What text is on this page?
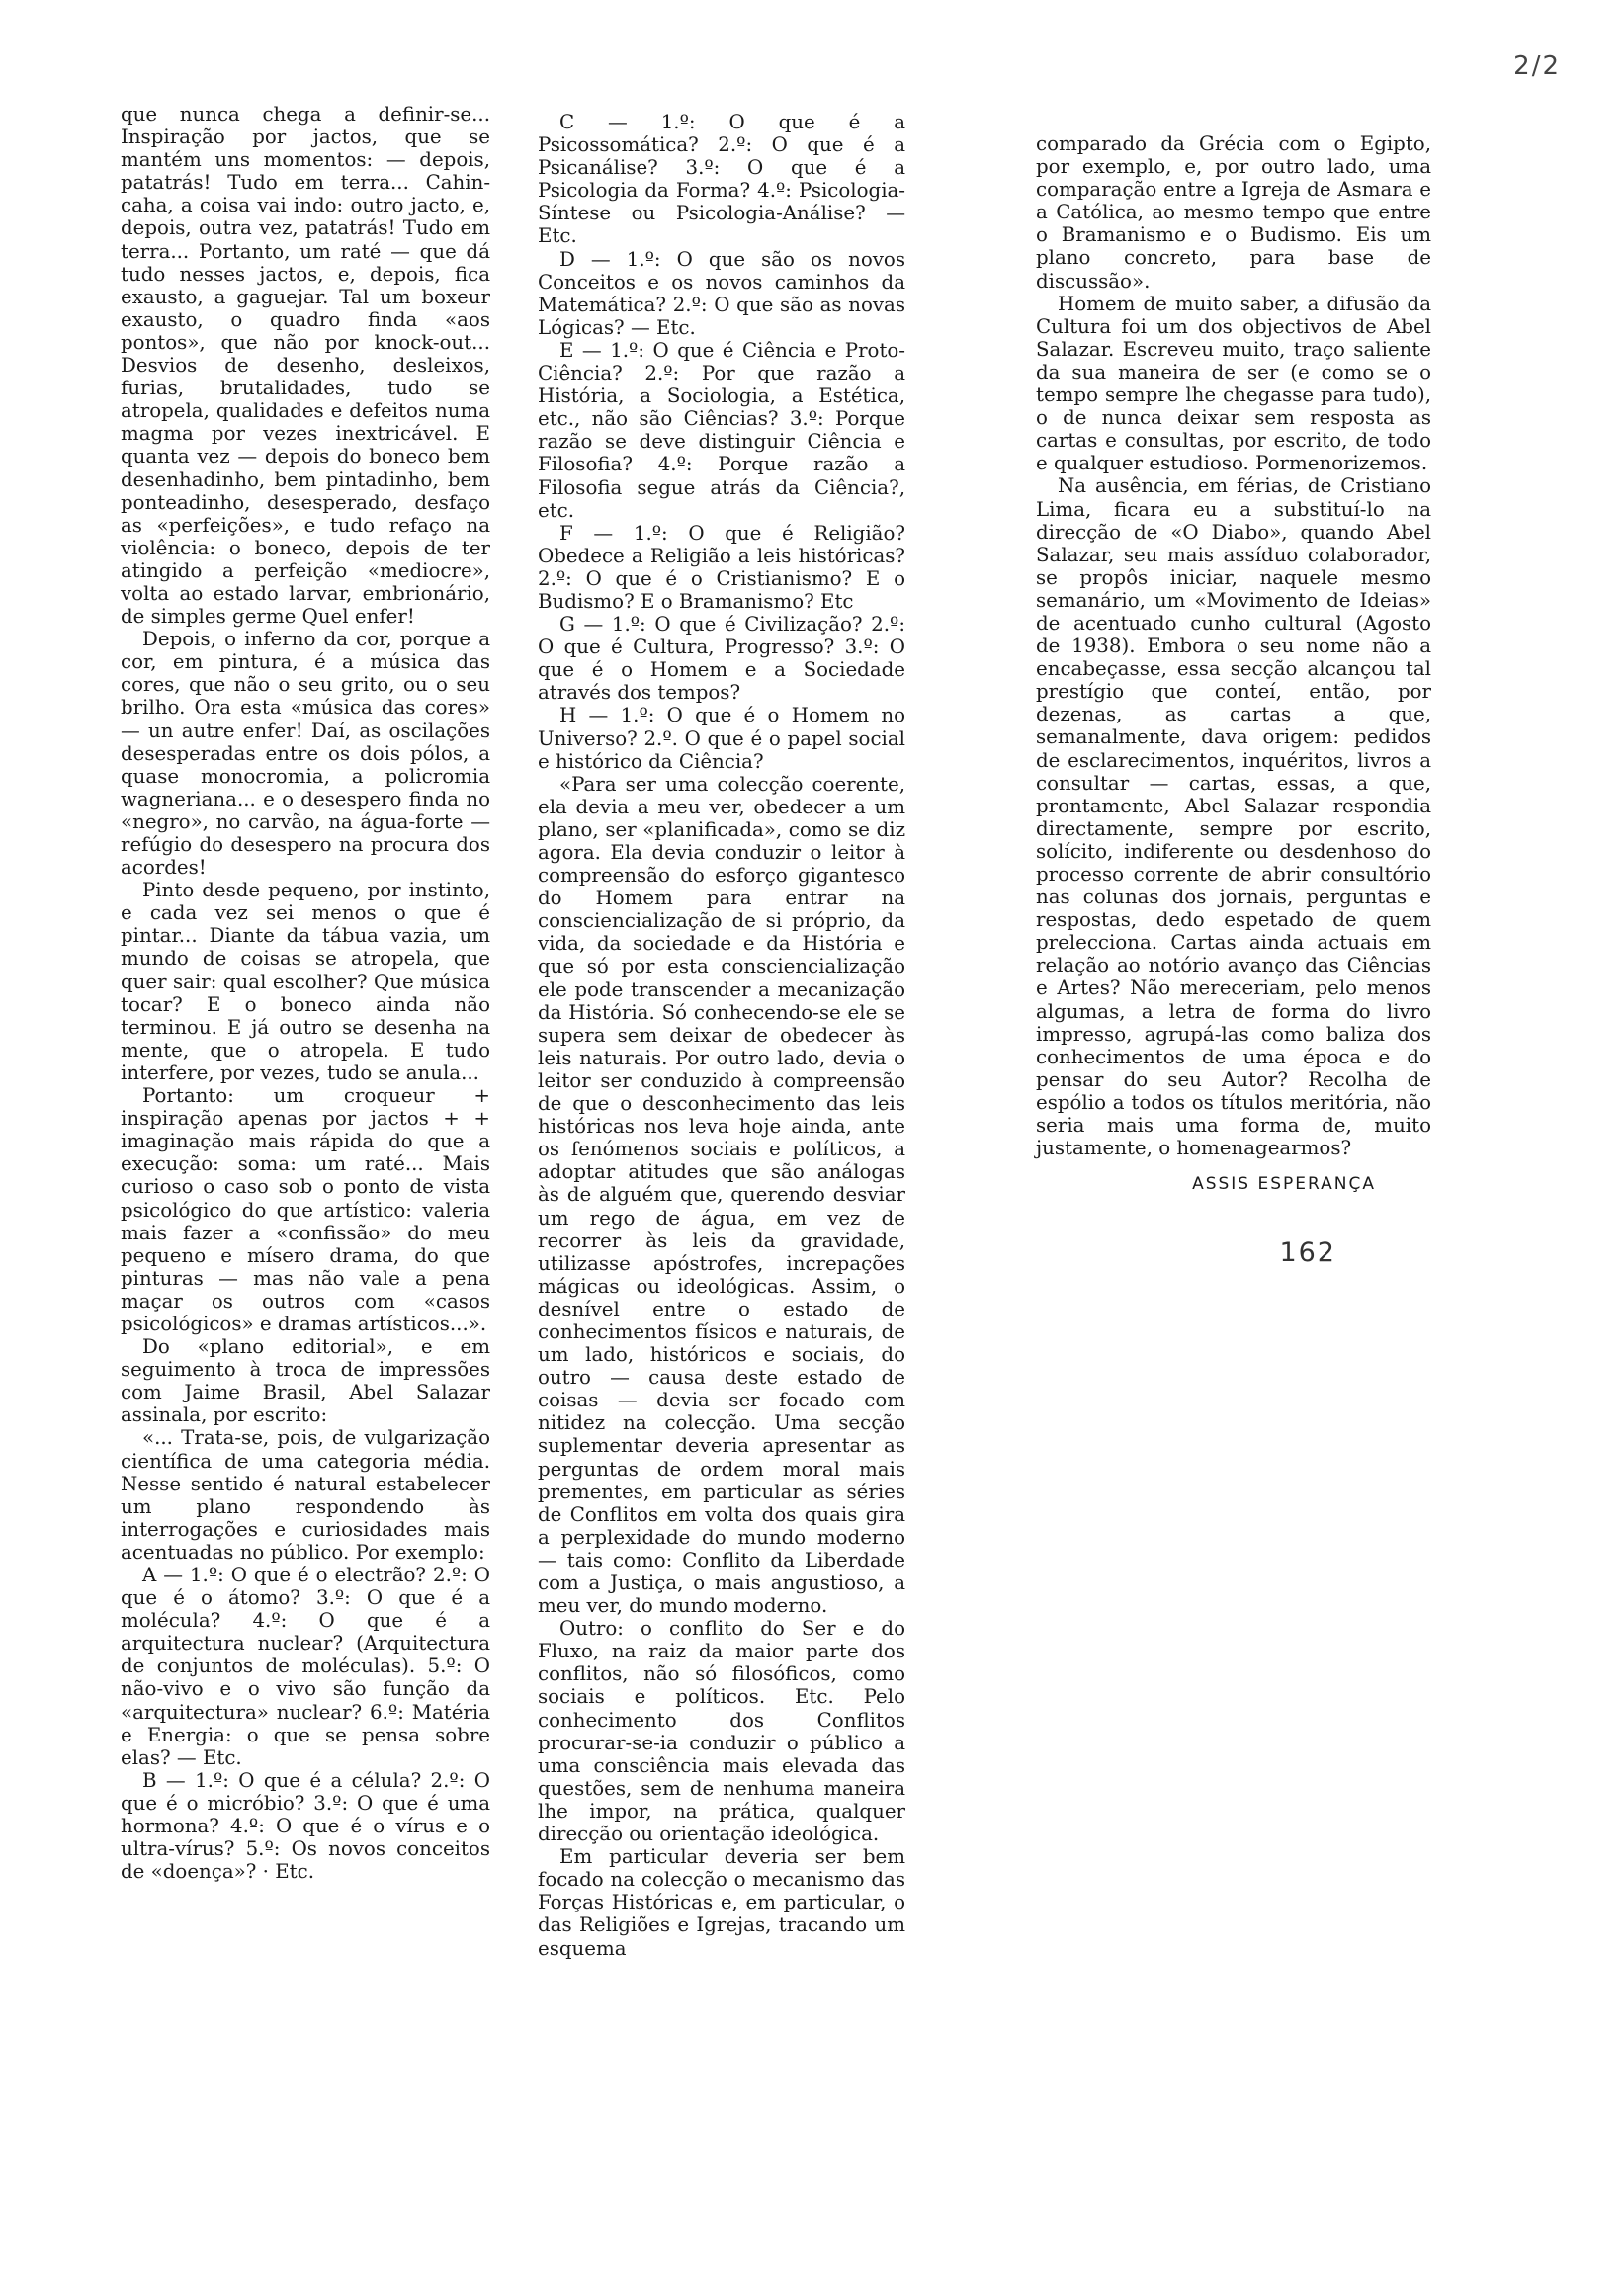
2/2

que nunca chega a definir-se... Inspiração por jactos, que se mantém uns momentos: — depois, patatrás! Tudo em terra... Cahin-caha, a coisa vai indo: outro jacto, e, depois, outra vez, patatrás! Tudo em terra... Portanto, um raté — que dá tudo nesses jactos, e, depois, fica exausto, a gaguejar. Tal um boxeur exausto, o quadro finda «aos pontos», que não por knock-out... Desvios de desenho, desleixos, furias, brutalidades, tudo se atropela, qualidades e defeitos numa magma por vezes inextricável. E quanta vez — depois do boneco bem desenhadinho, bem pintadinho, bem ponteadinho, desesperado, desfaço as «perfeições», e tudo refaço na violência: o boneco, depois de ter atingido a perfeição «mediocre», volta ao estado larvar, embrionário, de simples germe Quel enfer!

Depois, o inferno da cor, porque a cor, em pintura, é a música das cores, que não o seu grito, ou o seu brilho. Ora esta «música das cores» — un autre enfer! Daí, as oscilações desesperadas entre os dois pólos, a quase monocromia, a policromia wagneriana... e o desespero finda no «negro», no carvão, na água-forte — refúgio do desespero na procura dos acordes!

Pinto desde pequeno, por instinto, e cada vez sei menos o que é pintar... Diante da tábua vazia, um mundo de coisas se atropela, que quer sair: qual escolher? Que música tocar? E o boneco ainda não terminou. E já outro se desenha na mente, que o atropela. E tudo interfere, por vezes, tudo se anula...

Portanto: um croqueur + inspiração apenas por jactos + + imaginação mais rápida do que a execução: soma: um raté... Mais curioso o caso sob o ponto de vista psicológico do que artístico: valeria mais fazer a «confissão» do meu pequeno e mísero drama, do que pinturas — mas não vale a pena maçar os outros com «casos psicológicos» e dramas artísticos...».

Do «plano editorial», e em seguimento à troca de impressões com Jaime Brasil, Abel Salazar assinala, por escrito:

«... Trata-se, pois, de vulgarização científica de uma categoria média. Nesse sentido é natural estabelecer um plano respondendo às interrogações e curiosidades mais acentuadas no público. Por exemplo:

A — 1.º: O que é o electrão? 2.º: O que é o átomo? 3.º: O que é a molécula? 4.º: O que é a arquitectura nuclear? (Arquitectura de conjuntos de moléculas). 5.º: O não-vivo e o vivo são função da «arquitectura» nuclear? 6.º: Matéria e Energia: o que se pensa sobre elas? — Etc.

B — 1.º: O que é a célula? 2.º: O que é o micróbio? 3.º: O que é uma hormona? 4.º: O que é o vírus e o ultra-vírus? 5.º: Os novos conceitos de «doença»? · Etc.

C — 1.º: O que é a Psicossomática? 2.º: O que é a Psicanálise? 3.º: O que é a Psicologia da Forma? 4.º: Psicologia-Síntese ou Psicologia-Análise? — Etc.

D — 1.º: O que são os novos Conceitos e os novos caminhos da Matemática? 2.º: O que são as novas Lógicas? — Etc.

E — 1.º: O que é Ciência e Proto-Ciência? 2.º: Por que razão a História, a Sociologia, a Estética, etc., não são Ciências? 3.º: Porque razão se deve distinguir Ciência e Filosofia? 4.º: Porque razão a Filosofia segue atrás da Ciência?, etc.

F — 1.º: O que é Religião? Obedece a Religião a leis históricas? 2.º: O que é o Cristianismo? E o Budismo? E o Bramanismo? Etc

G — 1.º: O que é Civilização? 2.º: O que é Cultura, Progresso? 3.º: O que é o Homem e a Sociedade através dos tempos?

H — 1.º: O que é o Homem no Universo? 2.º. O que é o papel social e histórico da Ciência?

«Para ser uma colecção coerente, ela devia a meu ver, obedecer a um plano, ser «planificada», como se diz agora. Ela devia conduzir o leitor à compreensão do esforço gigantesco do Homem para entrar na consciencialização de si próprio, da vida, da sociedade e da História e que só por esta consciencialização ele pode transcender a mecanização da História. Só conhecendo-se ele se supera sem deixar de obedecer às leis naturais. Por outro lado, devia o leitor ser conduzido à compreensão de que o desconhecimento das leis históricas nos leva hoje ainda, ante os fenómenos sociais e políticos, a adoptar atitudes que são análogas às de alguém que, querendo desviar um rego de água, em vez de recorrer às leis da gravidade, utilizasse apóstrofes, increpações mágicas ou ideológicas. Assim, o desnível entre o estado de conhecimentos físicos e naturais, de um lado, históricos e sociais, do outro — causa deste estado de coisas — devia ser focado com nitidez na colecção. Uma secção suplementar deveria apresentar as perguntas de ordem moral mais prementes, em particular as séries de Conflitos em volta dos quais gira a perplexidade do mundo moderno — tais como: Conflito da Liberdade com a Justiça, o mais angustioso, a meu ver, do mundo moderno.

Outro: o conflito do Ser e do Fluxo, na raiz da maior parte dos conflitos, não só filosóficos, como sociais e políticos. Etc. Pelo conhecimento dos Conflitos procurar-se-ia conduzir o público a uma consciência mais elevada das questões, sem de nenhuma maneira lhe impor, na prática, qualquer direcção ou orientação ideológica.

Em particular deveria ser bem focado na colecção o mecanismo das Forças Históricas e, em particular, o das Religiões e Igrejas, tracando um esquema

comparado da Grécia com o Egipto, por exemplo, e, por outro lado, uma comparação entre a Igreja de Asmara e a Católica, ao mesmo tempo que entre o Bramanismo e o Budismo. Eis um plano concreto, para base de discussão».

Homem de muito saber, a difusão da Cultura foi um dos objectivos de Abel Salazar. Escreveu muito, traço saliente da sua maneira de ser (e como se o tempo sempre lhe chegasse para tudo), o de nunca deixar sem resposta as cartas e consultas, por escrito, de todo e qualquer estudioso. Pormenorizemos.

Na ausência, em férias, de Cristiano Lima, ficara eu a substituí-lo na direcção de «O Diabo», quando Abel Salazar, seu mais assíduo colaborador, se propôs iniciar, naquele mesmo semanário, um «Movimento de Ideias» de acentuado cunho cultural (Agosto de 1938). Embora o seu nome não a encabeçasse, essa secção alcançou tal prestígio que conteí, então, por dezenas, as cartas a que, semanalmente, dava origem: pedidos de esclarecimentos, inquéritos, livros a consultar — cartas, essas, a que, prontamente, Abel Salazar respondia directamente, sempre por escrito, solícito, indiferente ou desdenhoso do processo corrente de abrir consultório nas colunas dos jornais, perguntas e respostas, dedo espetado de quem prelecciona. Cartas ainda actuais em relação ao notório avanço das Ciências e Artes? Não mereceriam, pelo menos algumas, a letra de forma do livro impresso, agrupá-las como baliza dos conhecimentos de uma época e do pensar do seu Autor? Recolha de espólio a todos os títulos meritória, não seria mais uma forma de, muito justamente, o homenagearmos?

ASSIS ESPERANÇA
162
